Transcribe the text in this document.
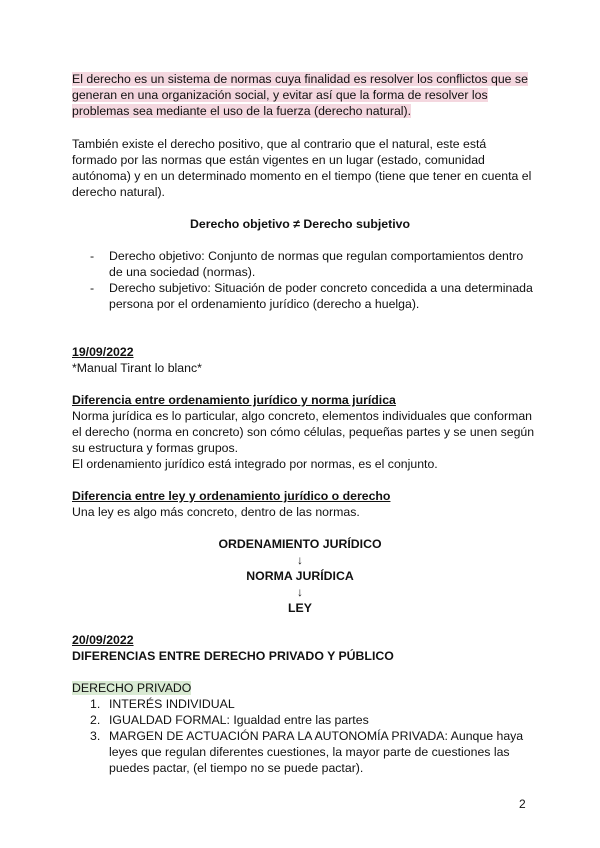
El derecho es un sistema de normas cuya finalidad es resolver los conflictos que se
generan en una organización social, y evitar así que la forma de resolver los
problemas sea mediante el uso de la fuerza (derecho natural).
También existe el derecho positivo, que al contrario que el natural, este está
formado por las normas que están vigentes en un lugar (estado, comunidad
autónoma) y en un determinado momento en el tiempo (tiene que tener en cuenta el
derecho natural).
Derecho objetivo ≠ Derecho subjetivo
- Derecho objetivo: Conjunto de normas que regulan comportamientos dentro
de una sociedad (normas).
- Derecho subjetivo: Situación de poder concreto concedida a una determinada
persona por el ordenamiento jurídico (derecho a huelga).
19/09/2022
*Manual Tirant lo blanc*
Diferencia entre ordenamiento jurídico y norma jurídica
Norma jurídica es lo particular, algo concreto, elementos individuales que conforman
el derecho (norma en concreto) son cómo células, pequeñas partes y se unen según
su estructura y formas grupos.
El ordenamiento jurídico está integrado por normas, es el conjunto.
Diferencia entre ley y ordenamiento jurídico o derecho
Una ley es algo más concreto, dentro de las normas.
ORDENAMIENTO JURÍDICO
↓
NORMA JURÍDICA
↓
LEY
20/09/2022
DIFERENCIAS ENTRE DERECHO PRIVADO Y PÚBLICO
DERECHO PRIVADO
1. INTERÉS INDIVIDUAL
2. IGUALDAD FORMAL: Igualdad entre las partes
3. MARGEN DE ACTUACIÓN PARA LA AUTONOMÍA PRIVADA: Aunque haya
leyes que regulan diferentes cuestiones, la mayor parte de cuestiones las
puedes pactar, (el tiempo no se puede pactar).
2
